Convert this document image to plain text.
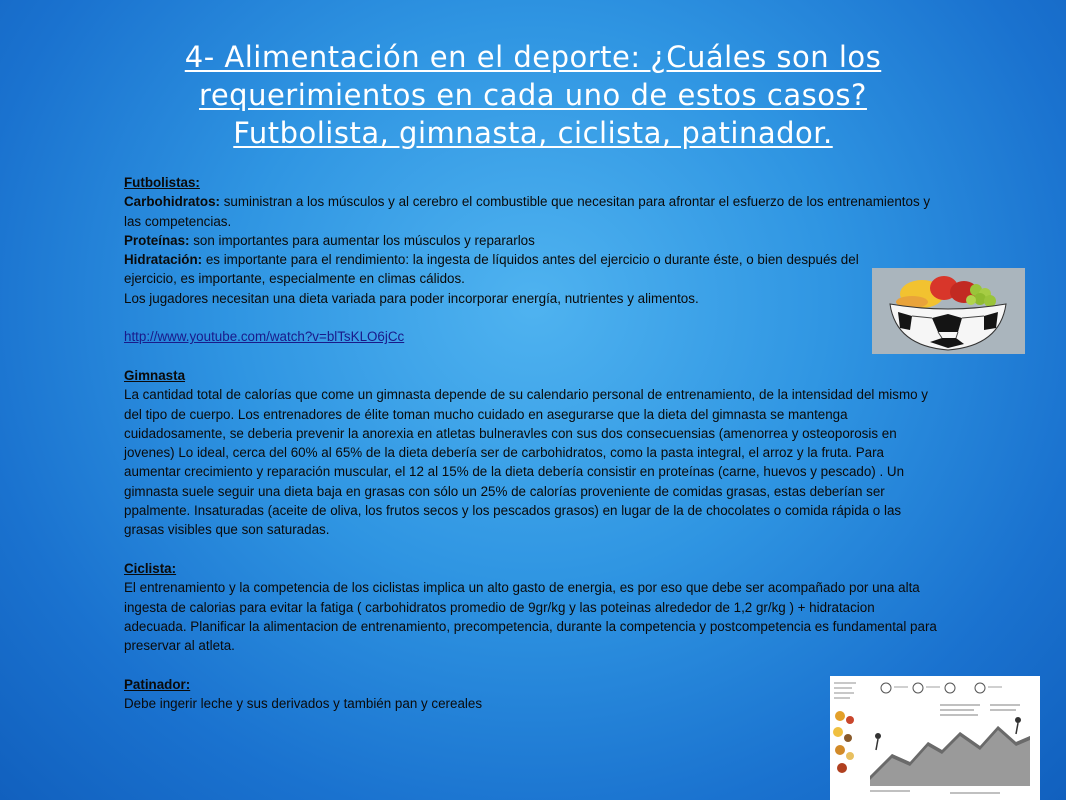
4- Alimentación en el deporte: ¿Cuáles son los
requerimientos en cada uno de estos casos?
Futbolista, gimnasta, ciclista, patinador.

Futbolistas:

Carbohidratos: suministran a los músculos y al cerebro el combustible que necesitan para afrontar el esfuerzo de los entrenamientos y las competencias.

Proteínas: son importantes para aumentar los músculos y repararlos

Hidratación: es importante para el rendimiento: la ingesta de líquidos antes del ejercicio o durante éste, o bien después del ejercicio, es importante, especialmente en climas cálidos.

Los jugadores necesitan una dieta variada para poder incorporar energía, nutrientes y alimentos.

http://www.youtube.com/watch?v=blTsKLO6jCc

Gimnasta

La cantidad total de calorías que come un gimnasta depende de su calendario personal de entrenamiento, de la intensidad del mismo y del tipo de cuerpo. Los entrenadores de élite toman mucho cuidado en asegurarse que la dieta del gimnasta se mantenga cuidadosamente, se deberia prevenir la anorexia en atletas bulneravles con sus dos consecuensias (amenorrea y osteoporosis en jovenes) Lo ideal, cerca del 60% al 65% de la dieta debería ser de carbohidratos, como la pasta integral, el arroz y la fruta. Para aumentar crecimiento y reparación muscular, el 12 al 15% de la dieta debería consistir en proteínas (carne, huevos y pescado) . Un gimnasta suele seguir una dieta baja en grasas con sólo un 25% de calorías proveniente de comidas grasas, estas deberían ser ppalmente. Insaturadas (aceite de oliva, los frutos secos y los pescados grasos) en lugar de la de chocolates o comida rápida o las grasas visibles que son saturadas.

Ciclista:

El entrenamiento y la competencia de los ciclistas implica un alto gasto de energia, es por eso que debe ser acompañado por una alta ingesta de calorias para evitar la fatiga ( carbohidratos promedio de 9gr/kg y las poteinas alrededor de 1,2 gr/kg ) + hidratacion adecuada. Planificar la alimentacion de entrenamiento, precompetencia, durante la competencia y postcompetencia es fundamental para preservar al atleta.

Patinador:

Debe ingerir leche y sus derivados y también pan y cereales
